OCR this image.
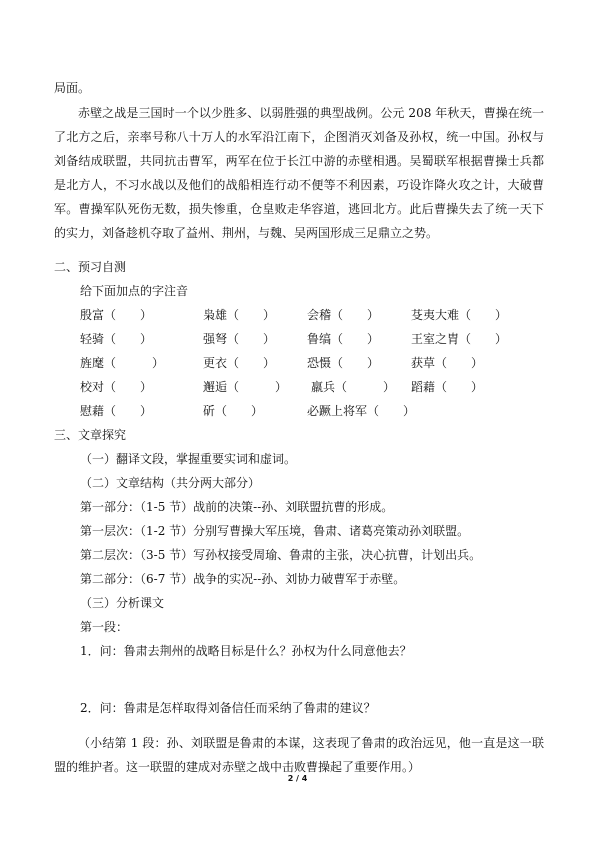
局面。
赤壁之战是三国时一个以少胜多、以弱胜强的典型战例。公元 208 年秋天，曹操在统一了北方之后，亲率号称八十万人的水军沿江南下，企图消灭刘备及孙权，统一中国。孙权与刘备结成联盟，共同抗击曹军，两军在位于长江中游的赤壁相遇。吴蜀联军根据曹操士兵都是北方人，不习水战以及他们的战船相连行动不便等不利因素，巧设诈降火攻之计，大破曹军。曹操军队死伤无数，损失惨重，仓皇败走华容道，逃回北方。此后曹操失去了统一天下的实力，刘备趁机夺取了益州、荆州，与魏、吴两国形成三足鼎立之势。
二、预习自测
给下面加点的字注音
殷富（　　）	枭雄（　　）	会稽（　　）	芟夷大难（　　）
轻骑（　　）	强弩（　　）	鲁缟（　　）	王室之胄（　　）
旌麾（　　　）	更衣（　　）	恐慑（　　）	获草（　　）
校对（　　）	邂逅（　　　） 羸兵（　　　） 蹈藉（　　）
慰藉（　　）	斫（　　）	必蹶上将军（　　）
三、文章探究
（一）翻译文段，掌握重要实词和虚词。
（二）文章结构（共分两大部分）
第一部分：（1-5 节）战前的决策--孙、刘联盟抗曹的形成。
第一层次：（1-2 节）分别写曹操大军压境，鲁肃、诸葛亮策动孙刘联盟。
第二层次：（3-5 节）写孙权接受周瑜、鲁肃的主张，决心抗曹，计划出兵。
第二部分：（6-7 节）战争的实况--孙、刘协力破曹军于赤壁。
（三）分析课文
第一段：
1．问：鲁肃去荆州的战略目标是什么？孙权为什么同意他去？
2．问：鲁肃是怎样取得刘备信任而采纳了鲁肃的建议？
（小结第 1 段：孙、刘联盟是鲁肃的本谋，这表现了鲁肃的政治远见，他一直是这一联盟的维护者。这一联盟的建成对赤壁之战中击败曹操起了重要作用。）
2 / 4
